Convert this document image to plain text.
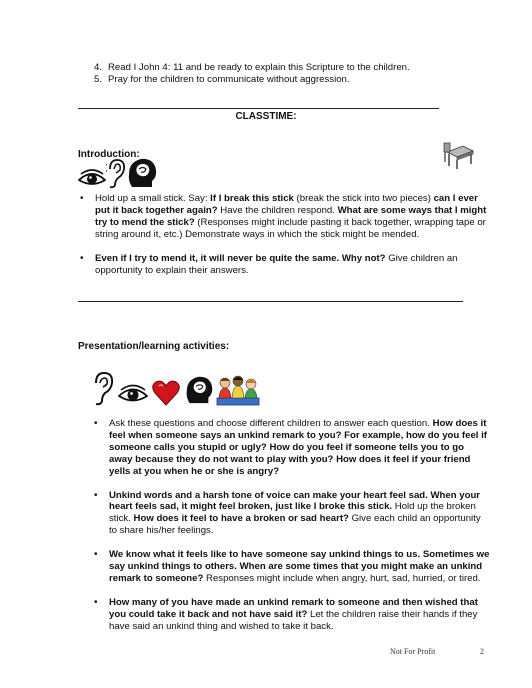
4. Read I John 4: 11 and be ready to explain this Scripture to the children.
5. Pray for the children to communicate without aggression.
CLASSTIME:
Introduction:
• Hold up a small stick. Say: If I break this stick (break the stick into two pieces) can I ever put it back together again? Have the children respond. What are some ways that I might try to mend the stick? (Responses might include pasting it back together, wrapping tape or string around it, etc.) Demonstrate ways in which the stick might be mended.
• Even if I try to mend it, it will never be quite the same. Why not? Give children an opportunity to explain their answers.
Presentation/learning activities:
• Ask these questions and choose different children to answer each question. How does it feel when someone says an unkind remark to you? For example, how do you feel if someone calls you stupid or ugly? How do you feel if someone tells you to go away because they do not want to play with you? How does it feel if your friend yells at you when he or she is angry?
• Unkind words and a harsh tone of voice can make your heart feel sad. When your heart feels sad, it might feel broken, just like I broke this stick. Hold up the broken stick. How does it feel to have a broken or sad heart? Give each child an opportunity to share his/her feelings.
• We know what it feels like to have someone say unkind things to us. Sometimes we say unkind things to others. When are some times that you might make an unkind remark to someone? Responses might include when angry, hurt, sad, hurried, or tired.
• How many of you have made an unkind remark to someone and then wished that you could take it back and not have said it? Let the children raise their hands if they have said an unkind thing and wished to take it back.
Not For Profit	2
